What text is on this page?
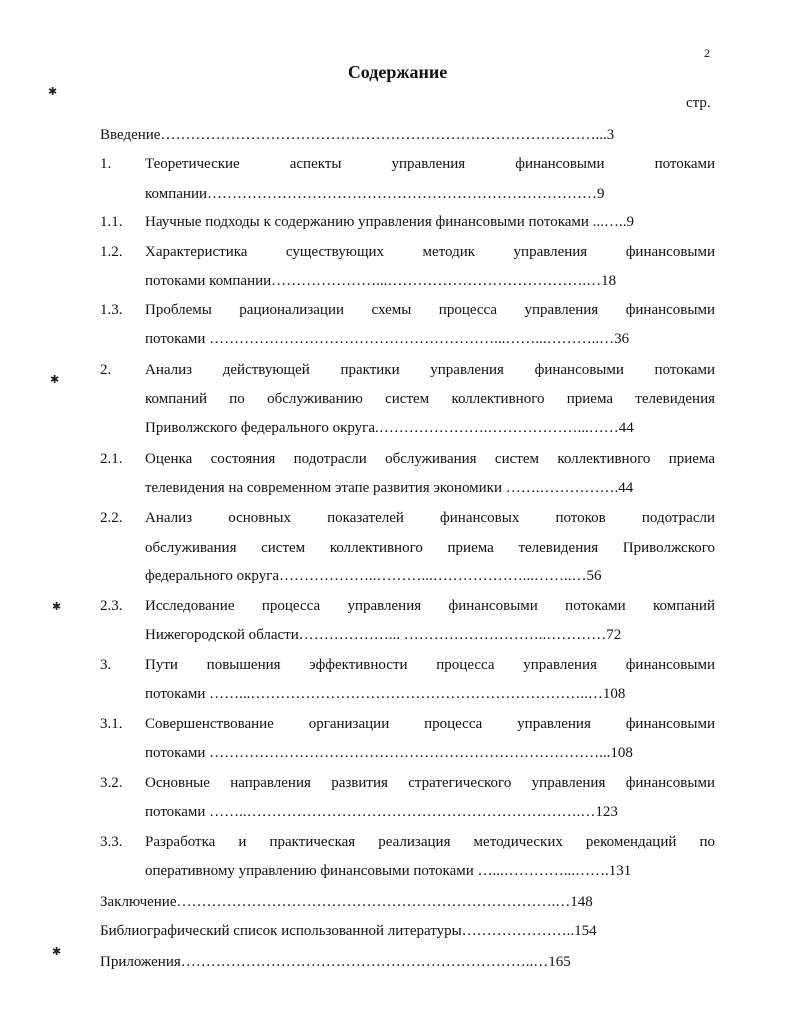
2
Содержание
стр.
Введение……………………………………………………………………………...3
1. Теоретические аспекты управления финансовыми потоками
компании……………………………………………………………………9
1.1. Научные подходы к содержанию управления финансовыми потоками ...…..9
1.2. Характеристика существующих методик управления финансовыми
потоками компании…………………...………………………………….…18
1.3. Проблемы рационализации схемы процесса управления финансовыми
потоками …………………………………………………...……...………..…36
2. Анализ действующей практики управления финансовыми потоками
компаний по обслуживанию систем коллективного приема телевидения
Приволжского федерального округа.………………….………………...……44
2.1. Оценка состояния подотрасли обслуживания систем коллективного приема
телевидения на современном этапе развития экономики …….…………….44
2.2. Анализ основных показателей финансовых потоков подотрасли
обслуживания систем коллективного приема телевидения Приволжского
федерального округа………………..………...………………...……..…56
2.3. Исследование процесса управления финансовыми потоками компаний
Нижегородской области………………... ………………………..…………72
3. Пути повышения эффективности процесса управления финансовыми
потоками ……...…………………………………………………………..…108
3.1. Совершенствование организации процесса управления финансовыми
потоками ……………………………………………………………………...108
3.2. Основные направления развития стратегического управления финансовыми
потоками ……..………………………………………………………….…123
3.3. Разработка и практическая реализация методических рекомендаций по
оперативному управлению финансовыми потоками …...…………...…….131
Заключение………………………………………………………………….…148
Библиографический список использованной литературы…………………..154
Приложения……………………………………………………………..…165
✱
✱
✱
✱
